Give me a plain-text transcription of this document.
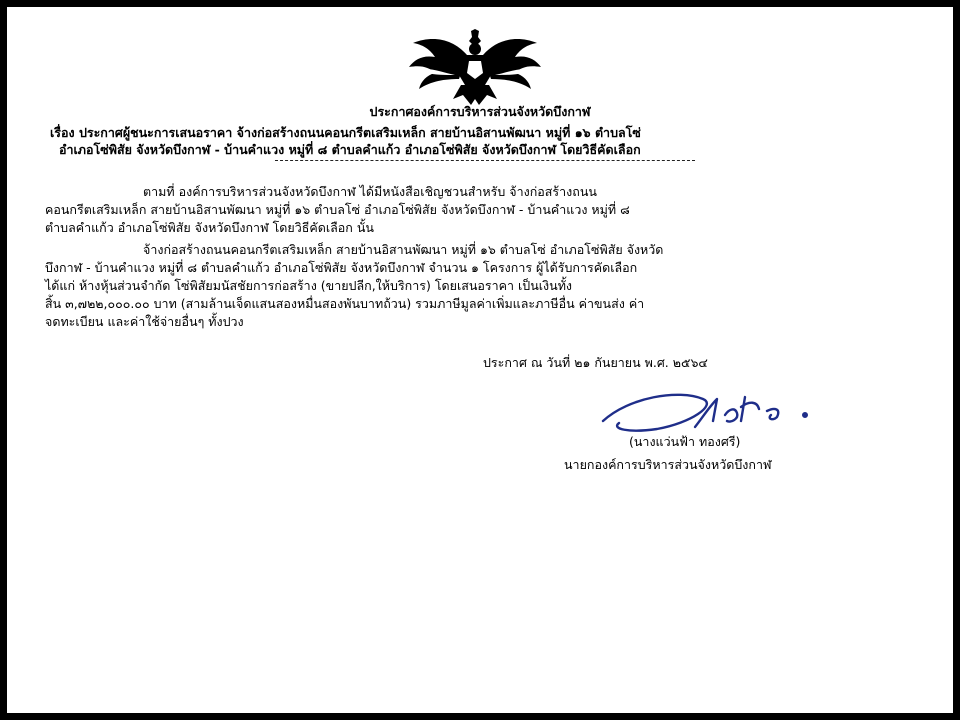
ประกาศองค์การบริหารส่วนจังหวัดบึงกาฬ
เรื่อง ประกาศผู้ชนะการเสนอราคา จ้างก่อสร้างถนนคอนกรีตเสริมเหล็ก สายบ้านอิสานพัฒนา หมู่ที่ ๑๖ ตำบลโซ่
อำเภอโซ่พิสัย จังหวัดบึงกาฬ - บ้านคำแวง หมู่ที่ ๘ ตำบลคำแก้ว อำเภอโซ่พิสัย จังหวัดบึงกาฬ โดยวิธีคัดเลือก
ตามที่ องค์การบริหารส่วนจังหวัดบึงกาฬ ได้มีหนังสือเชิญชวนสำหรับ จ้างก่อสร้างถนน
คอนกรีตเสริมเหล็ก สายบ้านอิสานพัฒนา หมู่ที่ ๑๖ ตำบลโซ่ อำเภอโซ่พิสัย จังหวัดบึงกาฬ - บ้านคำแวง หมู่ที่ ๘
ตำบลคำแก้ว อำเภอโซ่พิสัย จังหวัดบึงกาฬ โดยวิธีคัดเลือก นั้น
จ้างก่อสร้างถนนคอนกรีตเสริมเหล็ก สายบ้านอิสานพัฒนา หมู่ที่ ๑๖ ตำบลโซ่ อำเภอโซ่พิสัย จังหวัด
บึงกาฬ - บ้านคำแวง หมู่ที่ ๘ ตำบลคำแก้ว อำเภอโซ่พิสัย จังหวัดบึงกาฬ จำนวน ๑ โครงการ ผู้ได้รับการคัดเลือก
ได้แก่ ห้างหุ้นส่วนจำกัด โซ่พิสัยมนัสชัยการก่อสร้าง (ขายปลีก,ให้บริการ) โดยเสนอราคา เป็นเงินทั้ง
สิ้น ๓,๗๒๒,๐๐๐.๐๐ บาท (สามล้านเจ็ดแสนสองหมื่นสองพันบาทถ้วน) รวมภาษีมูลค่าเพิ่มและภาษีอื่น ค่าขนส่ง ค่า
จดทะเบียน และค่าใช้จ่ายอื่นๆ ทั้งปวง
ประกาศ ณ วันที่ ๒๑ กันยายน พ.ศ. ๒๕๖๔
(นางแว่นฟ้า ทองศรี)
นายกองค์การบริหารส่วนจังหวัดบึงกาฬ
